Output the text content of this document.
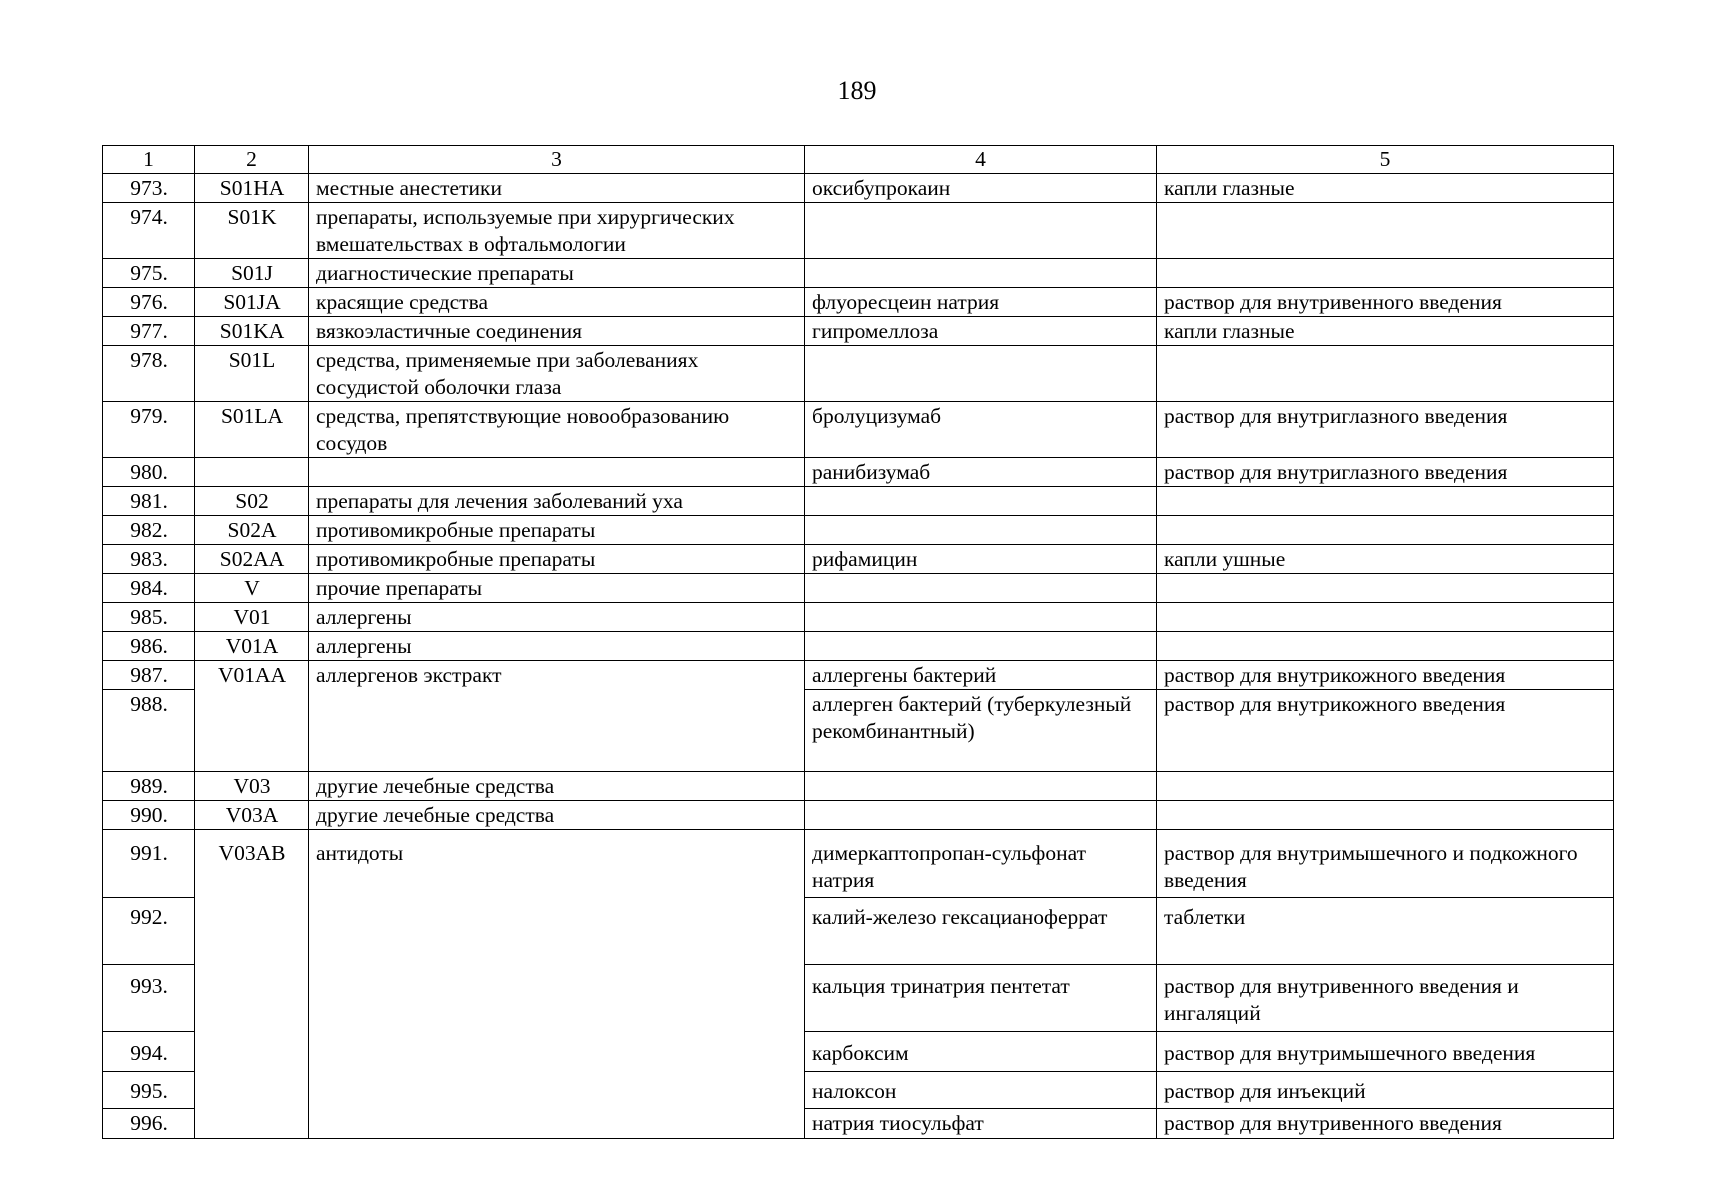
189
1	2	3	4	5
973.	S01HA	местные анестетики	оксибупрокаин	капли глазные
974.	S01K	препараты, используемые при хирургических вмешательствах в офтальмологии		
975.	S01J	диагностические препараты		
976.	S01JA	красящие средства	флуоресцеин натрия	раствор для внутривенного введения
977.	S01KA	вязкоэластичные соединения	гипромеллоза	капли глазные
978.	S01L	средства, применяемые при заболеваниях сосудистой оболочки глаза		
979.	S01LA	средства, препятствующие новообразованию сосудов	бролуцизумаб	раствор для внутриглазного введения
980.			ранибизумаб	раствор для внутриглазного введения
981.	S02	препараты для лечения заболеваний уха		
982.	S02A	противомикробные препараты		
983.	S02AA	противомикробные препараты	рифамицин	капли ушные
984.	V	прочие препараты		
985.	V01	аллергены		
986.	V01A	аллергены		
987.	V01AA	аллергенов экстракт	аллергены бактерий	раствор для внутрикожного введения
988.			аллерген бактерий (туберкулезный рекомбинантный)	раствор для внутрикожного введения
989.	V03	другие лечебные средства		
990.	V03A	другие лечебные средства		
991.	V03AB	антидоты	димеркаптопропан-сульфонат натрия	раствор для внутримышечного и подкожного введения
992.			калий-железо гексацианоферрат	таблетки
993.			кальция тринатрия пентетат	раствор для внутривенного введения и ингаляций
994.			карбоксим	раствор для внутримышечного введения
995.			налоксон	раствор для инъекций
996.			натрия тиосульфат	раствор для внутривенного введения
